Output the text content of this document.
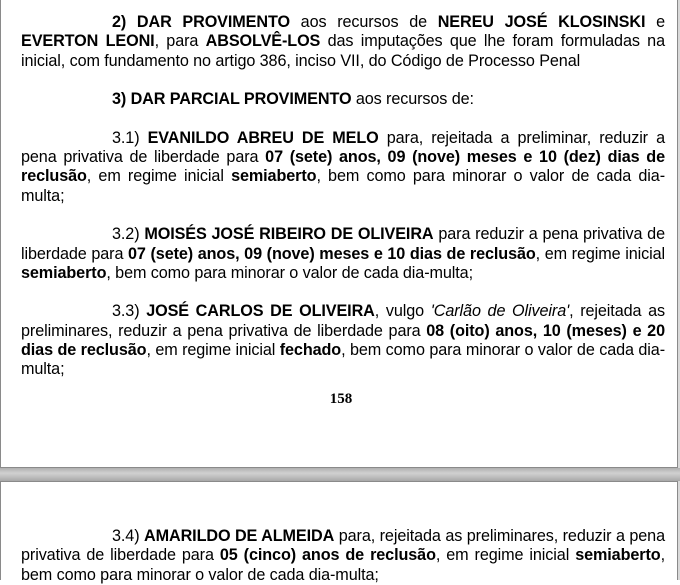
2) DAR PROVIMENTO aos recursos de NEREU JOSÉ KLOSINSKI e EVERTON LEONI, para ABSOLVÊ-LOS das imputações que lhe foram formuladas na inicial, com fundamento no artigo 386, inciso VII, do Código de Processo Penal

3) DAR PARCIAL PROVIMENTO aos recursos de:

3.1) EVANILDO ABREU DE MELO para, rejeitada a preliminar, reduzir a pena privativa de liberdade para 07 (sete) anos, 09 (nove) meses e 10 (dez) dias de reclusão, em regime inicial semiaberto, bem como para minorar o valor de cada dia-multa;

3.2) MOISÉS JOSÉ RIBEIRO DE OLIVEIRA para reduzir a pena privativa de liberdade para 07 (sete) anos, 09 (nove) meses e 10 dias de reclusão, em regime inicial semiaberto, bem como para minorar o valor de cada dia-multa;

3.3) JOSÉ CARLOS DE OLIVEIRA, vulgo 'Carlão de Oliveira', rejeitada as preliminares, reduzir a pena privativa de liberdade para 08 (oito) anos, 10 (meses) e 20 dias de reclusão, em regime inicial fechado, bem como para minorar o valor de cada dia-multa;

158

3.4) AMARILDO DE ALMEIDA para, rejeitada as preliminares, reduzir a pena privativa de liberdade para 05 (cinco) anos de reclusão, em regime inicial semiaberto, bem como para minorar o valor de cada dia-multa;
